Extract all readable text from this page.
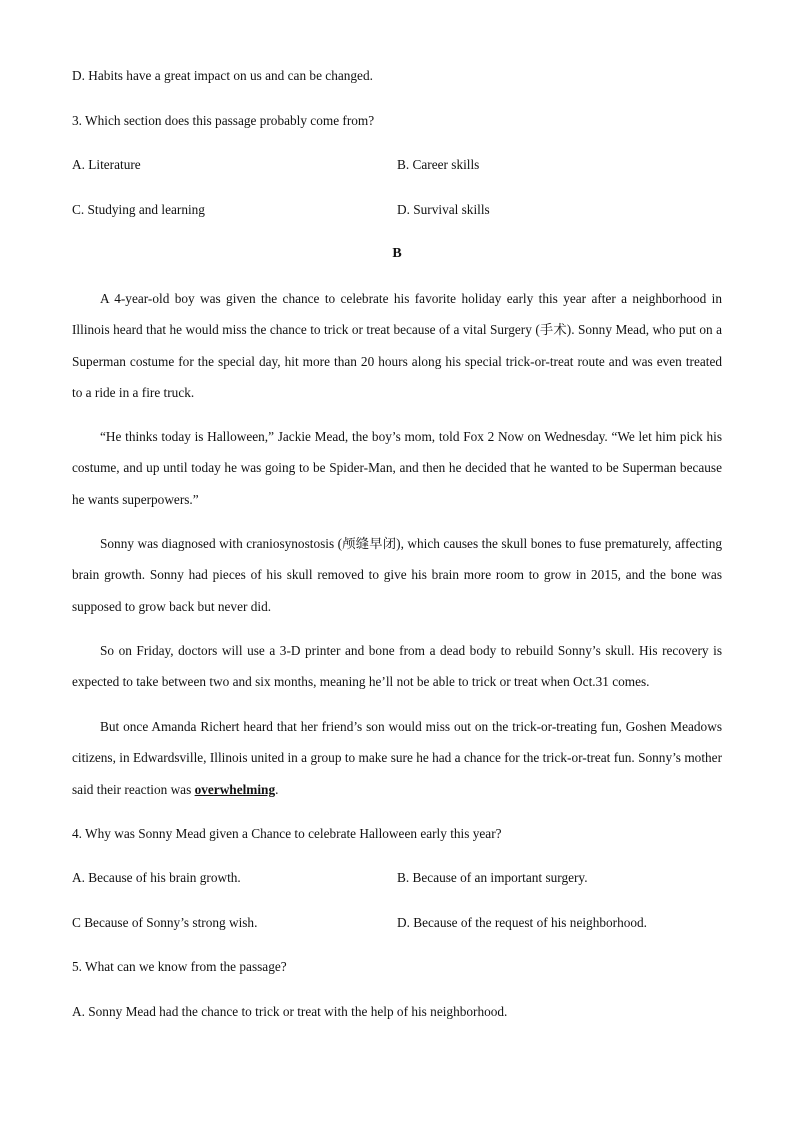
D. Habits have a great impact on us and can be changed.
3. Which section does this passage probably come from?
A. Literature	B. Career skills
C. Studying and learning	D. Survival skills
B
A 4-year-old boy was given the chance to celebrate his favorite holiday early this year after a neighborhood in Illinois heard that he would miss the chance to trick or treat because of a vital Surgery (手术). Sonny Mead, who put on a Superman costume for the special day, hit more than 20 hours along his special trick-or-treat route and was even treated to a ride in a fire truck.
“He thinks today is Halloween,” Jackie Mead, the boy’s mom, told Fox 2 Now on Wednesday. “We let him pick his costume, and up until today he was going to be Spider-Man, and then he decided that he wanted to be Superman because he wants superpowers.”
Sonny was diagnosed with craniosynostosis (颅缝早闭), which causes the skull bones to fuse prematurely, affecting brain growth. Sonny had pieces of his skull removed to give his brain more room to grow in 2015, and the bone was supposed to grow back but never did.
So on Friday, doctors will use a 3-D printer and bone from a dead body to rebuild Sonny’s skull. His recovery is expected to take between two and six months, meaning he’ll not be able to trick or treat when Oct.31 comes.
But once Amanda Richert heard that her friend’s son would miss out on the trick-or-treating fun, Goshen Meadows citizens, in Edwardsville, Illinois united in a group to make sure he had a chance for the trick-or-treat fun. Sonny’s mother said their reaction was overwhelming.
4. Why was Sonny Mead given a Chance to celebrate Halloween early this year?
A. Because of his brain growth.	B. Because of an important surgery.
C Because of Sonny’s strong wish.	D. Because of the request of his neighborhood.
5. What can we know from the passage?
A. Sonny Mead had the chance to trick or treat with the help of his neighborhood.
